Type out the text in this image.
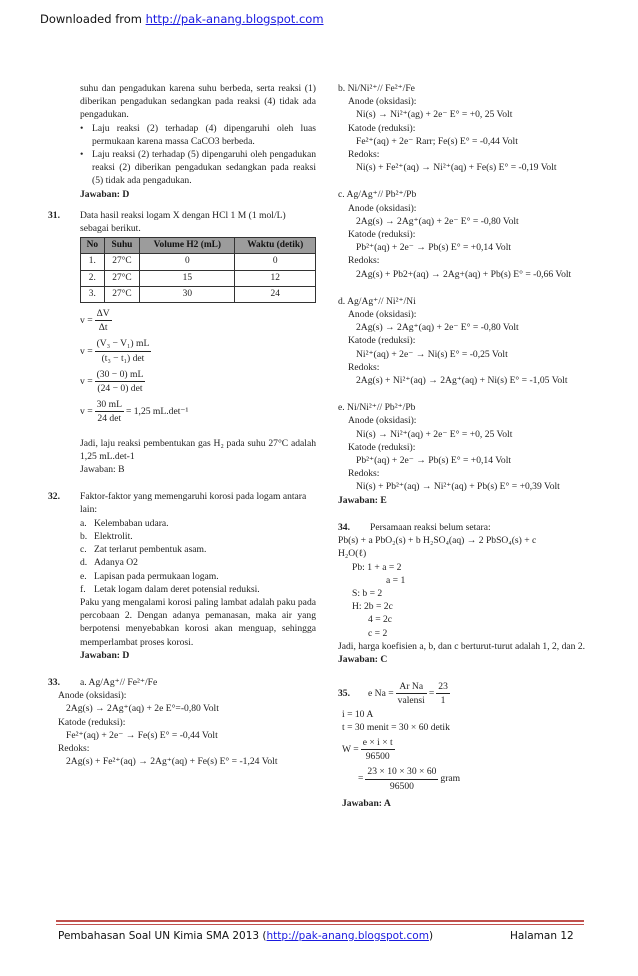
Downloaded from http://pak-anang.blogspot.com

suhu dan pengadukan karena suhu berbeda, serta reaksi (1) diberikan pengadukan sedangkan pada reaksi (4) tidak ada pengadukan.

• Laju reaksi (2) terhadap (4) dipengaruhi oleh luas permukaan karena massa CaCO3 berbeda.
• Laju reaksi (2) terhadap (5) dipengaruhi oleh pengadukan reaksi (2) diberikan pengadukan sedangkan pada reaksi (5) tidak ada pengadukan.

Jawaban: D

31.	Data hasil reaksi logam X dengan HCl 1 M (1 mol/L) sebagai berikut.
No	Suhu	Volume H2 (mL)	Waktu (detik)
1.	27°C	0	0
2.	27°C	15	12
3.	27°C	30	24
$v = \frac{\Delta V}{\Delta t}$
$v = \frac{\text{(V₃ − V₁) mL}}{\text{(t₃ − t₁) det}}$
$v = \frac{(30 - 0) mL}{(24 - 0) \det}$
$v = \frac{30 mL}{24 \det} = 1,25$ mL.det⁻¹

Jadi, laju reaksi pembentukan gas H₂ pada suhu 27°C adalah 1,25 mL.det-1

Jawaban: B

32.	Faktor-faktor yang memengaruhi korosi pada logam antara lain:
a. Kelembaban udara.
b. Elektrolit.
c. Zat terlarut pembentuk asam.
d. Adanya O2
e. Lapisan pada permukaan logam.
f. Letak logam dalam deret potensial reduksi.

Paku yang mengalami korosi paling lambat adalah paku pada percobaan 2. Dengan adanya pemanasan, maka air yang berpotensi menyebabkan korosi akan menguap, sehingga memperlambat proses korosi.

Jawaban: D

33.	a. Ag/Ag⁺// Fe²⁺/Fe

Anode (oksidasi):

2Ag(s) → 2Ag⁺(aq) + 2e E°=-0,80 Volt

Katode (reduksi):

Fe²⁺(aq) + 2e⁻ → Fe(s) E° = -0,44 Volt

Redoks:

2Ag(s) + Fe²⁺(aq) → 2Ag⁺(aq) + Fe(s) E° = -1,24 Volt

b. Ni/Ni²⁺// Fe²⁺/Fe

Anode (oksidasi):

Ni(s) → Ni²⁺(ag) + 2e⁻ E° = +0, 25 Volt

Katode (reduksi):

Fe²⁺(aq) + 2e⁻ Rarr; Fe(s) E° = -0,44 Volt

Redoks:

Ni(s) + Fe²⁺(aq) → Ni²⁺(aq) + Fe(s) E° = -0,19 Volt

c. Ag/Ag⁺// Pb²⁺/Pb

Anode (oksidasi):

2Ag(s) → 2Ag⁺(aq) + 2e⁻ E° = -0,80 Volt

Katode (reduksi):

Pb²⁺(aq) + 2e⁻ → Pb(s) E° = +0,14 Volt

Redoks:

2Ag(s) + Pb2+(aq) → 2Ag+(aq) + Pb(s) E° = -0,66 Volt

d. Ag/Ag⁺// Ni²⁺/Ni

Anode (oksidasi):

2Ag(s) → 2Ag⁺(aq) + 2e⁻ E° = -0,80 Volt

Katode (reduksi):

Ni²⁺(aq) + 2e⁻ → Ni(s) E° = -0,25 Volt

Redoks:

2Ag(s) + Ni²⁺(aq) → 2Ag⁺(aq) + Ni(s) E° = -1,05 Volt

e. Ni/Ni²⁺// Pb²⁺/Pb

Anode (oksidasi):

Ni(s) → Ni²⁺(aq) + 2e⁻ E° = +0, 25 Volt

Katode (reduksi):

Pb²⁺(aq) + 2e⁻ → Pb(s) E° = +0,14 Volt

Redoks:

Ni(s) + Pb²⁺(aq) → Ni²⁺(aq) + Pb(s) E° = +0,39 Volt

Jawaban: E

34.	Persamaan reaksi belum setara:

Pb(s) + a PbO₂(s) + b H₂SO₄(aq) → 2 PbSO₄(s) + c

H₂O(ℓ)

Pb: 1 + a = 2

a = 1

S: b = 2

H: 2b = 2c

4 = 2c

c = 2

Jadi, harga koefisien a, b, dan c berturut-turut adalah 1, 2, dan 2.

Jawaban: C

35.	e $Na = \frac{\text{Ar Na}}{\text{valensi}} = \frac{23}{1}$

i = 10 A

t = 30 menit = 30 × 60 detik

$W = \frac{e \times i \times t}{96500}$
= $\frac{23 \times 10 \times 30 \times 60}{96500}$ gram

Jawaban: A

Pembahasan Soal UN Kimia SMA 2013 (http://pak-anang.blogspot.com)	Halaman 12
